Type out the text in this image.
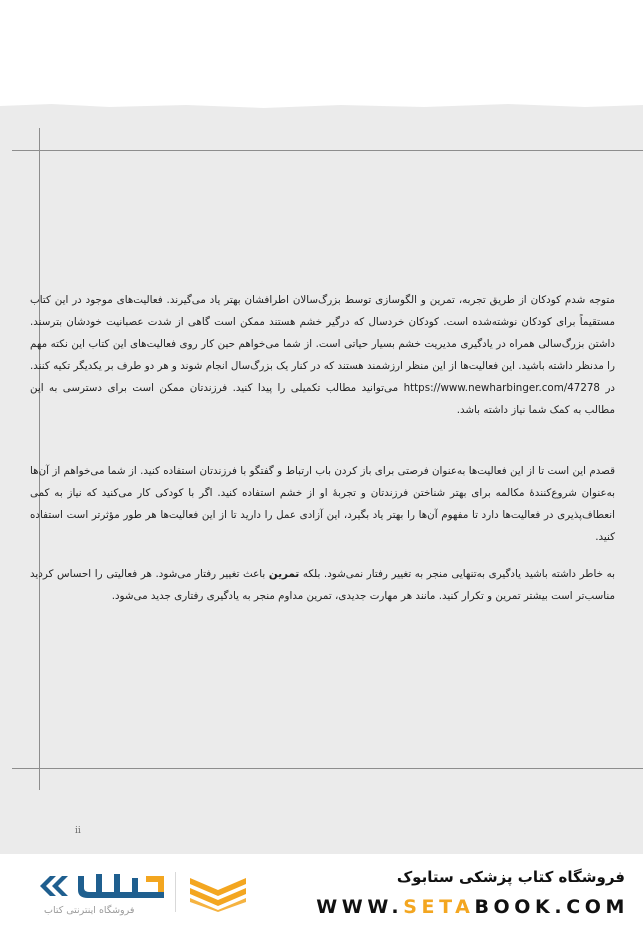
متوجه شدم کودکان از طریق تجربه، تمرین و الگوسازی توسط بزرگ‌سالان اطرافشان بهتر یاد می‌گیرند. فعالیت‌های موجود در این کتاب مستقیماً برای کودکان نوشته‌شده است. کودکان خردسال که درگیر خشم هستند ممکن است گاهی از شدت عصبانیت خودشان بترسند. داشتن بزرگ‌سالی همراه در یادگیری مدیریت خشم بسیار حیاتی است. از شما می‌خواهم حین کار روی فعالیت‌های این کتاب این نکته مهم را مدنظر داشته باشید. این فعالیت‌ها از این منظر ارزشمند هستند که در کنار یک بزرگ‌سال انجام شوند و هر دو طرف بر یکدیگر تکیه کنند. در https://www.newharbinger.com/47278 می‌توانید مطالب تکمیلی را پیدا کنید. فرزندتان ممکن است برای دسترسی به این مطالب به کمک شما نیاز داشته باشد.

قصدم این است تا از این فعالیت‌ها به‌عنوان فرصتی برای باز کردن باب ارتباط و گفتگو با فرزندتان استفاده کنید. از شما می‌خواهم از آن‌ها به‌عنوان شروع‌کنندهٔ مکالمه برای بهتر شناختن فرزندتان و تجربهٔ او از خشم استفاده کنید. اگر با کودکی کار می‌کنید که نیاز به کمی انعطاف‌پذیری در فعالیت‌ها دارد تا مفهوم آن‌ها را بهتر یاد بگیرد، این آزادی عمل را دارید تا از این فعالیت‌ها هر طور مؤثرتر است استفاده کنید.

به خاطر داشته باشید یادگیری به‌تنهایی منجر به تغییر رفتار نمی‌شود. بلکه تمرین باعث تغییر رفتار می‌شود. هر فعالیتی را احساس کردید مناسب‌تر است بیشتر تمرین و تکرار کنید. مانند هر مهارت جدیدی، تمرین مداوم منجر به یادگیری رفتاری جدید می‌شود.

ii
فروشگاه کتاب پزشکی ستابوک
WWW.SETABOOK.COM
فروشگاه اینترنتی کتاب
